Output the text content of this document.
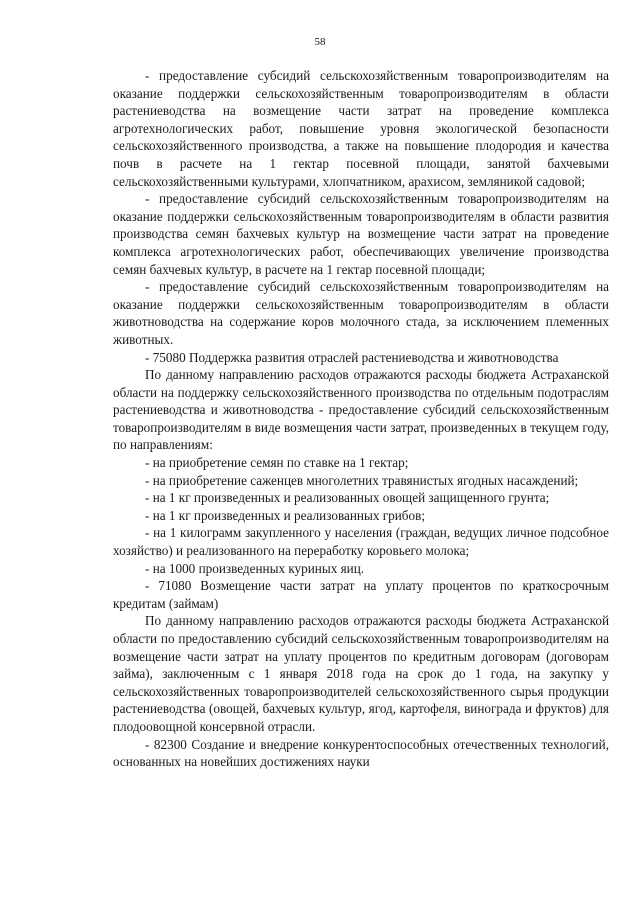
58

- предоставление субсидий сельскохозяйственным товаропроизводителям на оказание поддержки сельскохозяйственным товаропроизводителям в области растениеводства на возмещение части затрат на проведение комплекса агротехнологических работ, повышение уровня экологической безопасности сельскохозяйственного производства, а также на повышение плодородия и качества почв в расчете на 1 гектар посевной площади, занятой бахчевыми сельскохозяйственными культурами, хлопчатником, арахисом, земляникой садовой;

- предоставление субсидий сельскохозяйственным товаропроизводителям на оказание поддержки сельскохозяйственным товаропроизводителям в области развития производства семян бахчевых культур на возмещение части затрат на проведение комплекса агротехнологических работ, обеспечивающих увеличение производства семян бахчевых культур, в расчете на 1 гектар посевной площади;

- предоставление субсидий сельскохозяйственным товаропроизводителям на оказание поддержки сельскохозяйственным товаропроизводителям в области животноводства на содержание коров молочного стада, за исключением племенных животных.

- 75080 Поддержка развития отраслей растениеводства и животноводства

По данному направлению расходов отражаются расходы бюджета Астраханской области на поддержку сельскохозяйственного производства по отдельным подотраслям растениеводства и животноводства - предоставление субсидий сельскохозяйственным товаропроизводителям в виде возмещения части затрат, произведенных в текущем году, по направлениям:

- на приобретение семян по ставке на 1 гектар;

- на приобретение саженцев многолетних травянистых ягодных насаждений;

- на 1 кг произведенных и реализованных овощей защищенного грунта;

- на 1 кг произведенных и реализованных грибов;

- на 1 килограмм закупленного у населения (граждан, ведущих личное подсобное хозяйство) и реализованного на переработку коровьего молока;

- на 1000 произведенных куриных яиц.

- 71080 Возмещение части затрат на уплату процентов по краткосрочным кредитам (займам)

По данному направлению расходов отражаются расходы бюджета Астраханской области по предоставлению субсидий сельскохозяйственным товаропроизводителям на возмещение части затрат на уплату процентов по кредитным договорам (договорам займа), заключенным с 1 января 2018 года на срок до 1 года, на закупку у сельскохозяйственных товаропроизводителей сельскохозяйственного сырья продукции растениеводства (овощей, бахчевых культур, ягод, картофеля, винограда и фруктов) для плодоовощной консервной отрасли.

- 82300 Создание и внедрение конкурентоспособных отечественных технологий, основанных на новейших достижениях науки
